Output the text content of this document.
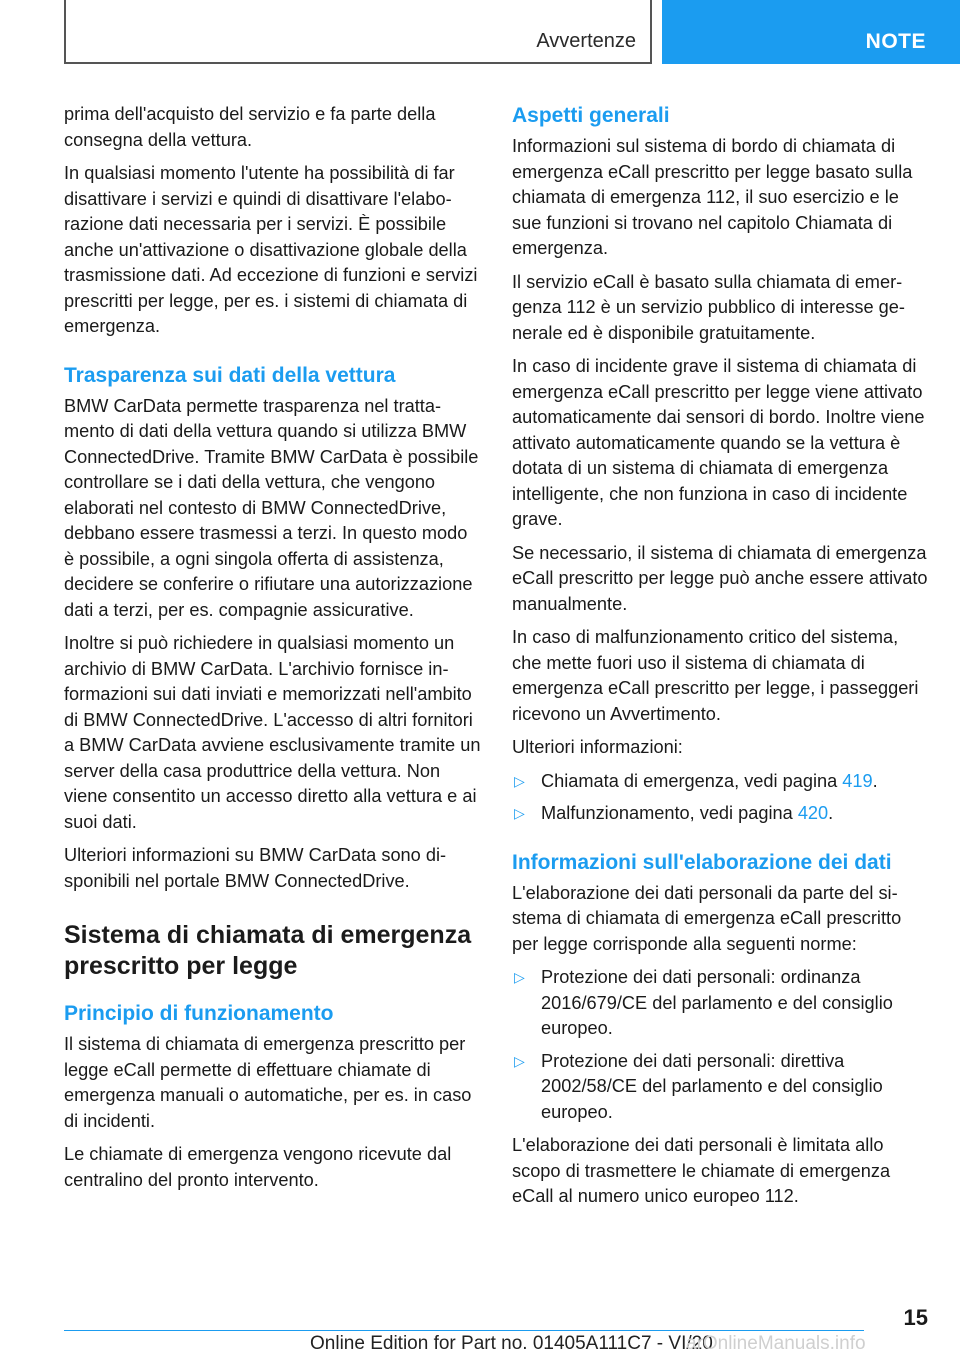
Avvertenze	NOTE

prima dell'acquisto del servizio e fa parte della consegna della vettura.

In qualsiasi momento l'utente ha possibilità di far disattivare i servizi e quindi di disattivare l'elaborazione dati necessaria per i servizi. È possibile anche un'attivazione o disattivazione globale della trasmissione dati. Ad eccezione di funzioni e servizi prescritti per legge, per es. i sistemi di chiamata di emergenza.

Trasparenza sui dati della vettura

BMW CarData permette trasparenza nel trattamento di dati della vettura quando si utilizza BMW ConnectedDrive. Tramite BMW CarData è possibile controllare se i dati della vettura, che vengono elaborati nel contesto di BMW ConnectedDrive, debbano essere trasmessi a terzi. In questo modo è possibile, a ogni singola offerta di assistenza, decidere se conferire o rifiutare una autorizzazione dati a terzi, per es. compagnie assicurative.

Inoltre si può richiedere in qualsiasi momento un archivio di BMW CarData. L'archivio fornisce informazioni sui dati inviati e memorizzati nell'ambito di BMW ConnectedDrive. L'accesso di altri fornitori a BMW CarData avviene esclusivamente tramite un server della casa produttrice della vettura. Non viene consentito un accesso diretto alla vettura e ai suoi dati.

Ulteriori informazioni su BMW CarData sono disponibili nel portale BMW ConnectedDrive.

Sistema di chiamata di emergenza prescritto per legge
Principio di funzionamento

Il sistema di chiamata di emergenza prescritto per legge eCall permette di effettuare chiamate di emergenza manuali o automatiche, per es. in caso di incidenti.

Le chiamate di emergenza vengono ricevute dal centralino del pronto intervento.

Aspetti generali

Informazioni sul sistema di bordo di chiamata di emergenza eCall prescritto per legge basato sulla chiamata di emergenza 112, il suo esercizio e le sue funzioni si trovano nel capitolo Chiamata di emergenza.

Il servizio eCall è basato sulla chiamata di emergenza 112 è un servizio pubblico di interesse generale ed è disponibile gratuitamente.

In caso di incidente grave il sistema di chiamata di emergenza eCall prescritto per legge viene attivato automaticamente dai sensori di bordo. Inoltre viene attivato automaticamente quando se la vettura è dotata di un sistema di chiamata di emergenza intelligente, che non funziona in caso di incidente grave.

Se necessario, il sistema di chiamata di emergenza eCall prescritto per legge può anche essere attivato manualmente.

In caso di malfunzionamento critico del sistema, che mette fuori uso il sistema di chiamata di emergenza eCall prescritto per legge, i passeggeri ricevono un Avvertimento.

Ulteriori informazioni:

▷ Chiamata di emergenza, vedi pagina 419.
▷ Malfunzionamento, vedi pagina 420.
Informazioni sull'elaborazione dei dati

L'elaborazione dei dati personali da parte del sistema di chiamata di emergenza eCall prescritto per legge corrisponde alla seguenti norme:

▷ Protezione dei dati personali: ordinanza 2016/679/CE del parlamento e del consiglio europeo.
▷ Protezione dei dati personali: direttiva 2002/58/CE del parlamento e del consiglio europeo.

L'elaborazione dei dati personali è limitata allo scopo di trasmettere le chiamate di emergenza eCall al numero unico europeo 112.

15
Online Edition for Part no. 01405A111C7 - VI/20
arOnlineManuals.info
